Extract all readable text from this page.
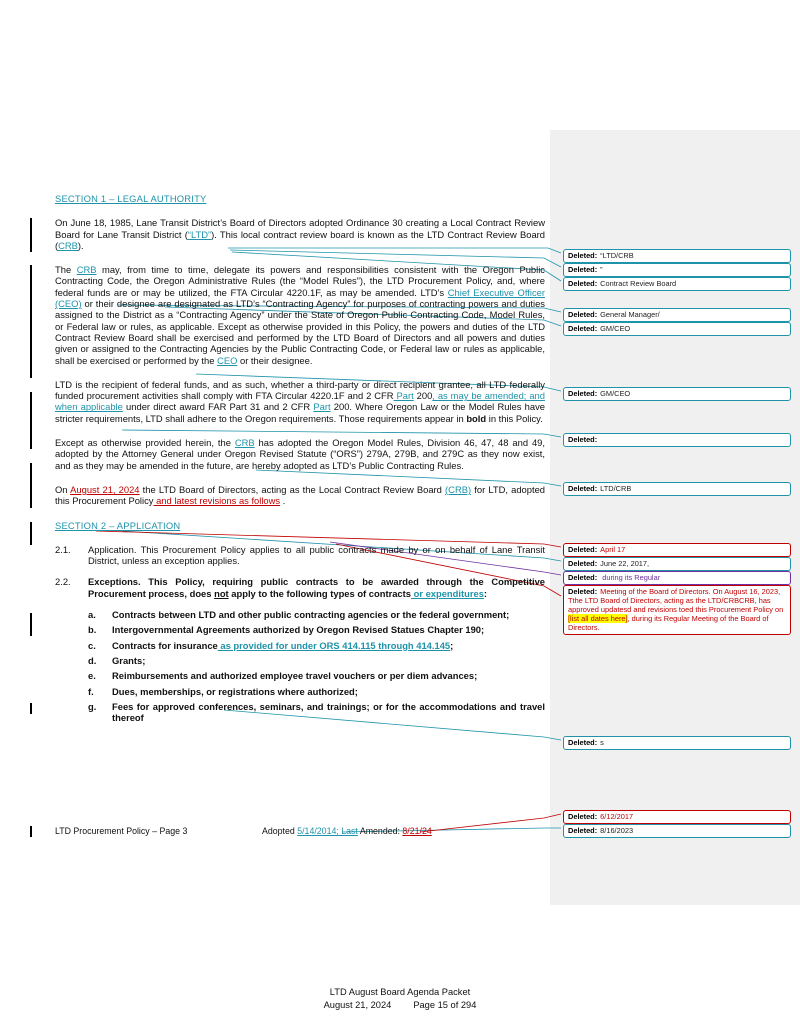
SECTION 1 – LEGAL AUTHORITY

On June 18, 1985, Lane Transit District’s Board of Directors adopted Ordinance 30 creating a Local Contract Review Board for Lane Transit District (“LTD”). This local contract review board is known as the LTD Contract Review Board (CRB).

The CRB may, from time to time, delegate its powers and responsibilities consistent with the Oregon Public Contracting Code, the Oregon Administrative Rules (the “Model Rules”), the LTD Procurement Policy, and, where federal funds are or may be utilized, the FTA Circular 4220.1F, as may be amended. LTD’s Chief Executive Officer (CEO) or their designee are designated as LTD’s “Contracting Agency” for purposes of contracting powers and duties assigned to the District as a “Contracting Agency” under the State of Oregon Public Contracting Code, Model Rules, or Federal law or rules, as applicable. Except as otherwise provided in this Policy, the powers and duties of the LTD Contract Review Board shall be exercised and performed by the LTD Board of Directors and all powers and duties given or assigned to the Contracting Agencies by the Public Contracting Code, or Federal law or rules as applicable, shall be exercised or performed by the CEO or their designee.

LTD is the recipient of federal funds, and as such, whether a third-party or direct recipient grantee, all LTD federally funded procurement activities shall comply with FTA Circular 4220.1F and 2 CFR Part 200, as may be amended; and when applicable under direct award FAR Part 31 and 2 CFR Part 200. Where Oregon Law or the Model Rules have stricter requirements, LTD shall adhere to the Oregon requirements. Those requirements appear in bold in this Policy.

Except as otherwise provided herein, the CRB has adopted the Oregon Model Rules, Division 46, 47, 48 and 49, adopted by the Attorney General under Oregon Revised Statute (“ORS”) 279A, 279B, and 279C as they now exist, and as they may be amended in the future, are hereby adopted as LTD’s Public Contracting Rules.

On August 21, 2024 the LTD Board of Directors, acting as the Local Contract Review Board (CRB) for LTD, adopted this Procurement Policy and latest revisions as follows .

SECTION 2 – APPLICATION
2.1.	Application. This Procurement Policy applies to all public contracts made by or on behalf of Lane Transit District, unless an exception applies.
2.2.	Exceptions. This Policy, requiring public contracts to be awarded through the Competitive Procurement process, does not apply to the following types of contracts or expenditures:
a.	Contracts between LTD and other public contracting agencies or the federal government;
b.	Intergovernmental Agreements authorized by Oregon Revised Statues Chapter 190;
c.	Contracts for insurance as provided for under ORS 414.115 through 414.145;
d.	Grants;
e.	Reimbursements and authorized employee travel vouchers or per diem advances;
f.	Dues, memberships, or registrations where authorized;
g.	Fees for approved conferences, seminars, and trainings; or for the accommodations and travel thereof
Deleted: “LTD/CRB
Deleted: ”
Deleted: Contract Review Board
Deleted: General Manager/
Deleted: GM/CEO
Deleted: GM/CEO
Deleted:
Deleted: LTD/CRB
Deleted: April 17
Deleted: June 22, 2017,
Deleted: during its Regular
Deleted: Meeting of the Board of Directors. On August 16, 2023, Tthe LTD Board of Directors, acting as the LTD/CRBCRB, has approved updatesd and revisions toed this Procurement Policy on [list all dates here], during its Regular Meeting of the Board of Directors.
Deleted: s
Deleted: 6/12/2017
Deleted: 8/16/2023
LTD Procurement Policy – Page 3	Adopted 5/14/2014; Last Amended: 8/21/24
LTD August Board Agenda Packet
August 21, 2024 Page 15 of 294
